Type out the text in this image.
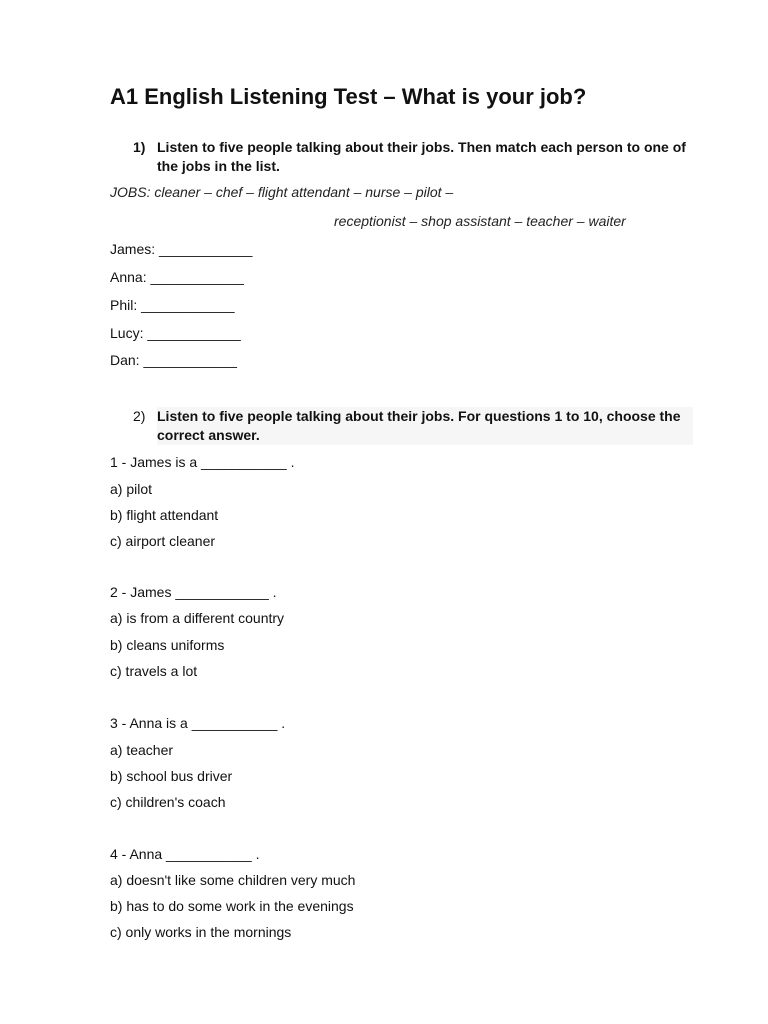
A1 English Listening Test – What is your job?
1) Listen to five people talking about their jobs. Then match each person to one of the jobs in the list.
JOBS: cleaner – chef – flight attendant – nurse – pilot –
receptionist – shop assistant – teacher – waiter
James: ____________
Anna: ____________
Phil: ____________
Lucy: ____________
Dan: ____________
2) Listen to five people talking about their jobs. For questions 1 to 10, choose the correct answer.
1 - James is a ___________ .
a) pilot
b) flight attendant
c) airport cleaner
2 - James ____________ .
a) is from a different country
b) cleans uniforms
c) travels a lot
3 - Anna is a ___________ .
a) teacher
b) school bus driver
c) children's coach
4 - Anna ___________ .
a) doesn't like some children very much
b) has to do some work in the evenings
c) only works in the mornings
